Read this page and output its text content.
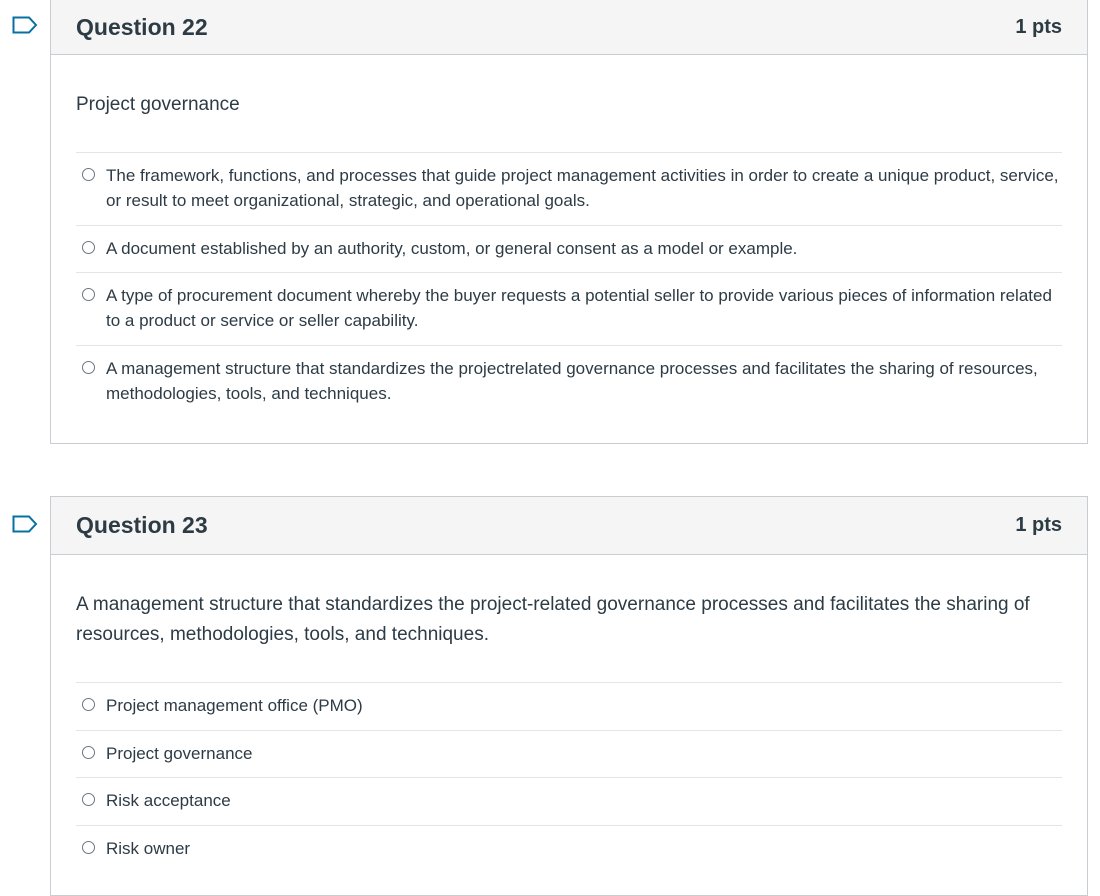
Question 22	1 pts
Project governance
The framework, functions, and processes that guide project management activities in order to create a unique product, service, or result to meet organizational, strategic, and operational goals.
A document established by an authority, custom, or general consent as a model or example.
A type of procurement document whereby the buyer requests a potential seller to provide various pieces of information related to a product or service or seller capability.
A management structure that standardizes the projectrelated governance processes and facilitates the sharing of resources, methodologies, tools, and techniques.
Question 23	1 pts
A management structure that standardizes the project-related governance processes and facilitates the sharing of resources, methodologies, tools, and techniques.
Project management office (PMO)
Project governance
Risk acceptance
Risk owner
